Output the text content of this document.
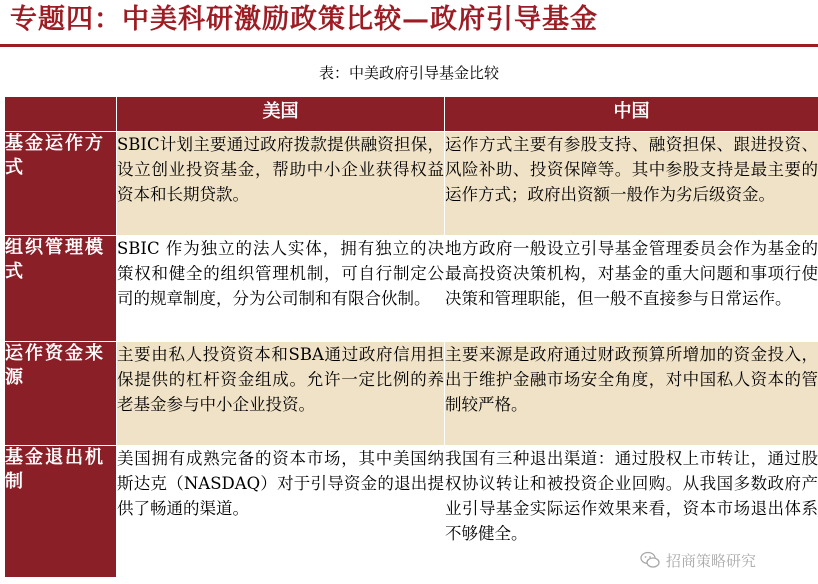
专题四：中美科研激励政策比较—政府引导基金
表：中美政府引导基金比较
	美国	中国
基金运作方式	SBIC计划主要通过政府拨款提供融资担保，设立创业投资基金，帮助中小企业获得权益资本和长期贷款。	运作方式主要有参股支持、融资担保、跟进投资、风险补助、投资保障等。其中参股支持是最主要的运作方式；政府出资额一般作为劣后级资金。
组织管理模式	SBIC 作为独立的法人实体，拥有独立的决策权和健全的组织管理机制，可自行制定公司的规章制度，分为公司制和有限合伙制。	地方政府一般设立引导基金管理委员会作为基金的最高投资决策机构，对基金的重大问题和事项行使决策和管理职能，但一般不直接参与日常运作。
运作资金来源	主要由私人投资资本和SBA通过政府信用担保提供的杠杆资金组成。允许一定比例的养老基金参与中小企业投资。	主要来源是政府通过财政预算所增加的资金投入，出于维护金融市场安全角度，对中国私人资本的管制较严格。
基金退出机制	美国拥有成熟完备的资本市场，其中美国纳斯达克（NASDAQ）对于引导资金的退出提供了畅通的渠道。	我国有三种退出渠道：通过股权上市转让，通过股权协议转让和被投资企业回购。从我国多数政府产业引导基金实际运作效果来看，资本市场退出体系不够健全。
招商策略研究
